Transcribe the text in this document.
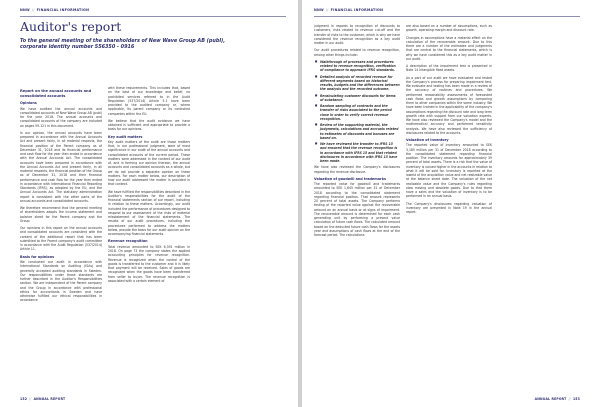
NNW // FINANCIAL INFORMATION
Auditor's report
To the general meeting of the shareholders of New Wave Group AB (publ), corporate identity number 556350 - 0916
Report on the annual accounts and consolidated accounts
Opinions

We have audited the annual accounts and consolidated accounts of New Wave Group AB (publ) for the year 2018. The annual accounts and consolidated accounts of the company are included on pages 59-121 in this document.

In our opinion, the annual accounts have been prepared in accordance with the Annual Accounts Act and present fairly, in all material respects, the financial position of the Parent company as of December 31, 2018 and its financial performance and cash flow for the year then ended in accordance with the Annual Accounts Act. The consolidated accounts have been prepared in accordance with the Annual Accounts Act and present fairly, in all material respects, the financial position of the Group as of December 31, 2018 and their financial performance and cash flow for the year then ended in accordance with International Financial Reporting Standards (IFRS), as adopted by the EU, and the Annual Accounts Act. The statutory administration report is consistent with the other parts of the annual accounts and consolidated accounts.

We therefore recommend that the general meeting of shareholders adopts the income statement and balance sheet for the Parent company and the Group.

Our opinions in this report on the annual accounts and consolidated accounts are consistent with the content of the additional report that has been submitted to the Parent company's audit committee in accordance with the Audit Regulation (537/2014) Article 11.

Basis for opinions

We conducted our audit in accordance with International Standards on Auditing (ISAs) and generally accepted auditing standards in Sweden. Our responsibilities under those standards are further described in the Auditor's Responsibilities section. We are independent of the Parent company and the Group in accordance with professional ethics for accountants in Sweden and have otherwise fulfilled our ethical responsibilities in accordance

with these requirements. This includes that, based on the best of our knowledge and belief, no prohibited services referred to in the Audit Regulation (537/2014) Article 5.1 have been provided to the audited company or, where applicable, its parent company or its controlled companies within the EU.

We believe that the audit evidence we have obtained is sufficient and appropriate to provide a basis for our opinions.

Key audit matters

Key audit matters of the audit are those matters that, in our professional judgment, were of most significance in our audit of the annual accounts and consolidated accounts of the current period. These matters were addressed in the context of our audit of, and in forming our opinion thereon, the annual accounts and consolidated accounts as a whole, but we do not provide a separate opinion on these matters. For each matter below, our description of how our audit addressed the matter is provided in that context.

We have fulfilled the responsibilities described in the Auditor's responsibilities for the audit of the financial statements section of our report, including in relation to these matters. Accordingly, our audit included the performance of procedures designed to respond to our assessment of the risks of material misstatement of the financial statements. The results of our audit procedures, including the procedures performed to address the matters below, provide the basis for our audit opinion on the accompanying financial statements.

Revenue recognition

Total revenue amounted to SEK 6,391 million in 2018. On page 73 the company states the applied accounting principles for revenue recognition. Revenue is recognized when the control of the goods is transferred to the customer and it is likely that payment will be received. Sales of goods are recognized when the goods have been transferred from seller to buyer. The revenue recognition is associated with a certain element of

152 // ANNUAL REPORT
NNW // FINANCIAL INFORMATION

judgment in regards to recognition of discounts to customers, risks related to revenue cut-off and the transfer of risks to the customer, which is why we have considered the revenue recognition as a key audit matter in our audit.

Our audit procedures related to revenue recognition, among other things include:

■ Walkthrough of processes and procedures related to revenue recognition, verification of compliance to approach IFRS standards.
■ Detailed analysis of recorded revenue for different segments based on historical results, budgets and the differences between the analysis and the recorded outcome.
■ Recalculating customer discounts for items of substance.
■ Random sampling of contracts and the transfer of risks associated to the period close in order to verify correct revenue recognition.
■ Review of the supporting material, the judgments, calculations and accruals related to estimates of discounts and bonuses are based on.
■ We have reviewed the transfer to IFRS 15 and ensured that the revenue recognition is in accordance with IFRS 15 and that related disclosures in accordance with IFRS 15 have been made.

We have also reviewed the Company's disclosures regarding the revenue disclosure.

Valuation of goodwill and trademarks

The reported value for goodwill and trademarks amounted to SEK 1,645 million per 31 of December 2018 according to the consolidated statement regarding financial position. That amount represents 20 percent of total assets. The Company performs testing of the reported value against the recoverable amount on an annual basis or at signs of impairment. The recoverable amount is determined for each cash generating unit by performing a present value calculation of future cash flows. The calculated amount based on the deducted future cash flows for the assets year and assumptions of cash flows at the end of the forecast period. The calculations

are also based on a number of assumptions, such as growth, operating margin and discount rate.

Changes in assumptions have a material effect on the calculation of the recoverable amount. Due to this there are a number of the estimates and judgments that are central to the financial statements, which is why we have considered this as a key audit matter in our audit.

A description of the impairment test is presented in Note 14 Intangible fixed assets.

As a part of our audit we have evaluated and tested the Company's process for preparing impairment test. We evaluate and testing has been made in a review of the accuracy of routines and procedures. We performed reasonability assessments of forecasted cash flows and growth assumptions by comparing them to other companies within the same industry. We have been trained in the applicability of the company's assumptions regarding the discount rate and long term growth rate with support from our valuation experts. We have also reviewed the Company's model and the mathematical accuracy and performed sensitivity analysis. We have also reviewed the sufficiency of disclosures related to the accounts.

Valuation of inventory

The reported value of inventory amounted to SEK 3,185 million per 31 of December 2018 according to the consolidated statement regarding financial position. The inventory amounts for approximately 39 percent of total assets. There is a risk that the value of inventory is valued higher in the accounts in relation to what it will be sold for. Inventory is reported at the lowest of the acquisition value and net realizable value at the balance sheet date. The valuation of the net realizable value and the Company's rules regarding slow moving and obsolete goods. Due to that there have a sales and the valuation of inventory is to be performed in an annual basis.

The Company's disclosures regarding valuation of inventory are presented in Note 19 in the annual report.

ANNUAL REPORT // 153
